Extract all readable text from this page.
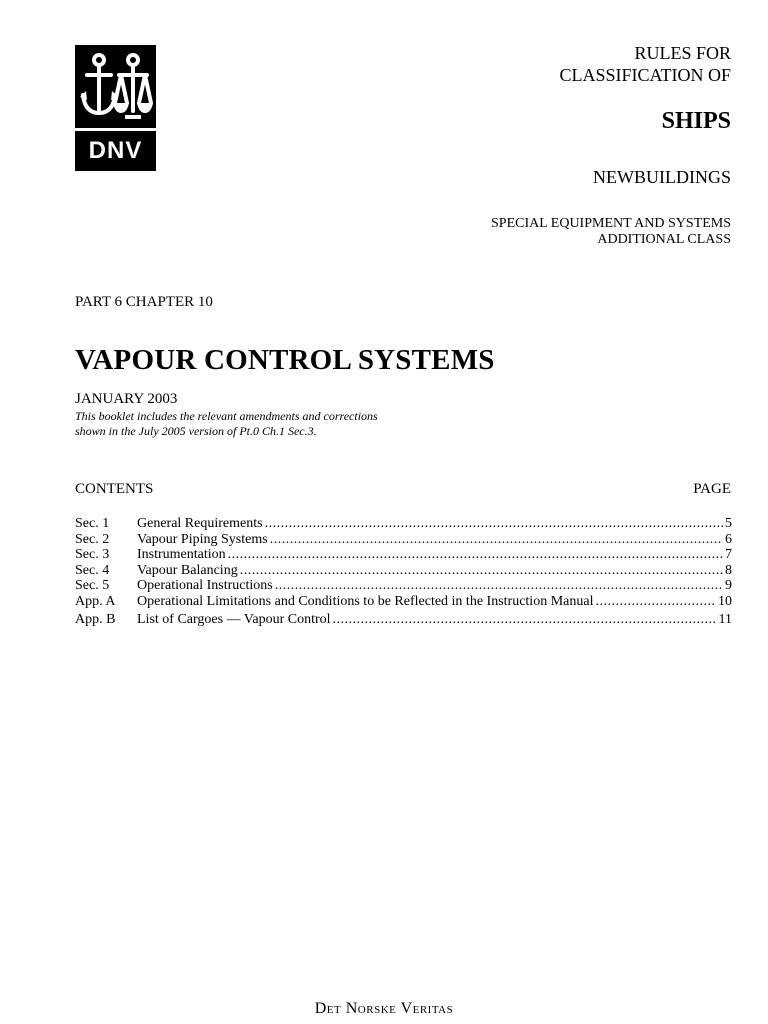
DNV
RULES FOR
CLASSIFICATION OF
SHIPS
NEWBUILDINGS
SPECIAL EQUIPMENT AND SYSTEMS
ADDITIONAL CLASS
PART 6 CHAPTER 10
VAPOUR CONTROL SYSTEMS
JANUARY 2003
This booklet includes the relevant amendments and corrections
shown in the July 2005 version of Pt.0 Ch.1 Sec.3.
CONTENTS	PAGE
Sec. 1	General Requirements .....	5
Sec. 2	Vapour Piping Systems .....	6
Sec. 3	Instrumentation .....	7
Sec. 4	Vapour Balancing .....	8
Sec. 5	Operational Instructions .....	9
App. A	Operational Limitations and Conditions to be Reflected in the Instruction Manual .....	10
App. B	List of Cargoes — Vapour Control .....	11
Det Norske Veritas
